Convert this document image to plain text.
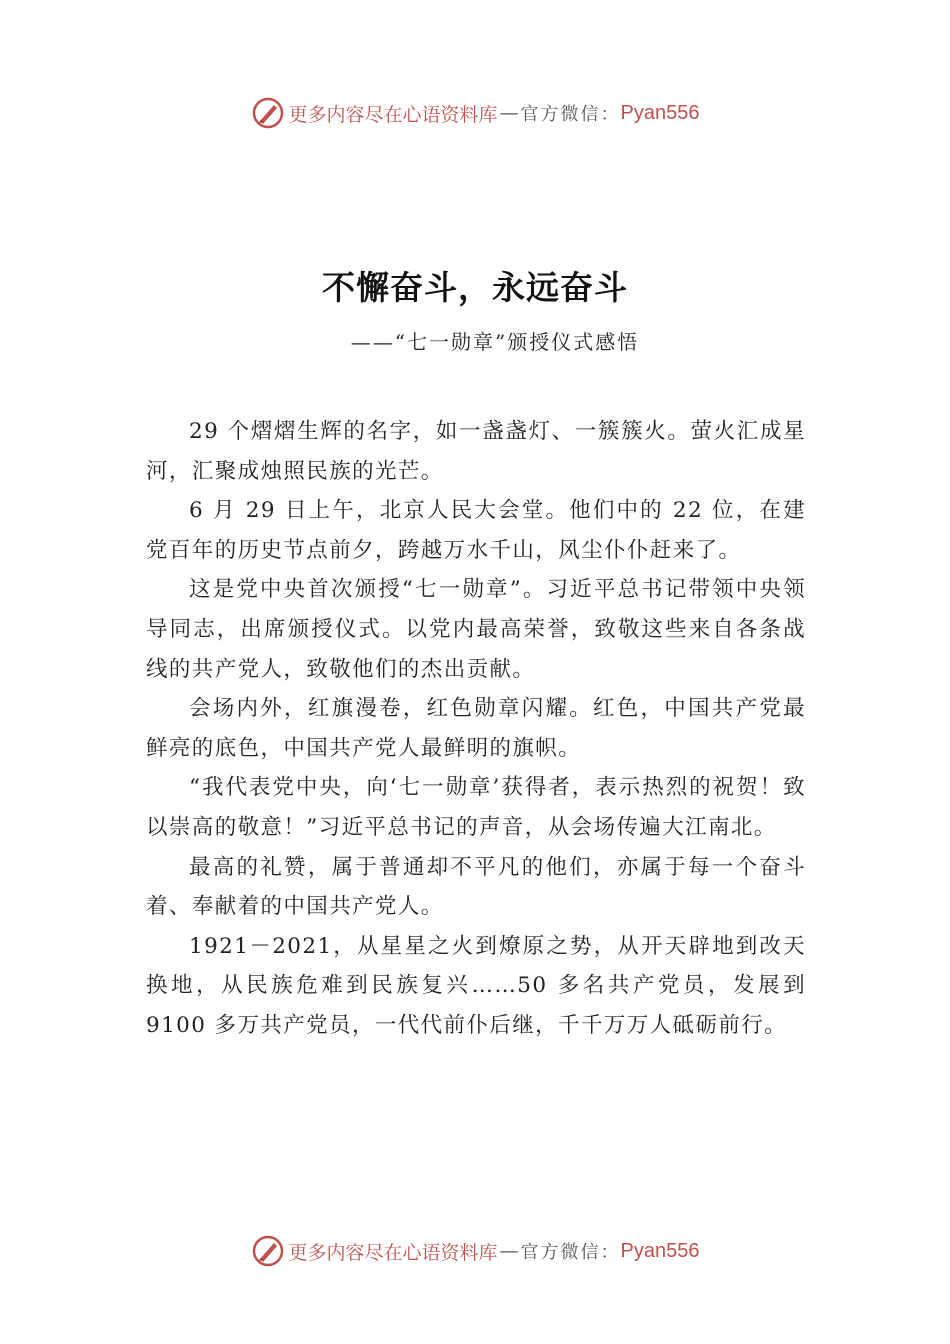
更多内容尽在心语资料库 — 官方微信： Pyan556
不懈奋斗，永远奋斗
——“七一勋章”颁授仪式感悟

29 个熠熠生辉的名字，如一盏盏灯、一簇簇火。萤火汇成星河，汇聚成烛照民族的光芒。

6 月 29 日上午，北京人民大会堂。他们中的 22 位，在建党百年的历史节点前夕，跨越万水千山，风尘仆仆赶来了。

这是党中央首次颁授“七一勋章”。习近平总书记带领中央领导同志，出席颁授仪式。以党内最高荣誉，致敬这些来自各条战线的共产党人，致敬他们的杰出贡献。

会场内外，红旗漫卷，红色勋章闪耀。红色，中国共产党最鲜亮的底色，中国共产党人最鲜明的旗帜。

“我代表党中央，向‘七一勋章’获得者，表示热烈的祝贺！致以崇高的敬意！”习近平总书记的声音，从会场传遍大江南北。

最高的礼赞，属于普通却不平凡的他们，亦属于每一个奋斗着、奉献着的中国共产党人。

1921－2021，从星星之火到燎原之势，从开天辟地到改天换地，从民族危难到民族复兴……50 多名共产党员，发展到 9100 多万共产党员，一代代前仆后继，千千万万人砥砺前行。

更多内容尽在心语资料库 — 官方微信： Pyan556
